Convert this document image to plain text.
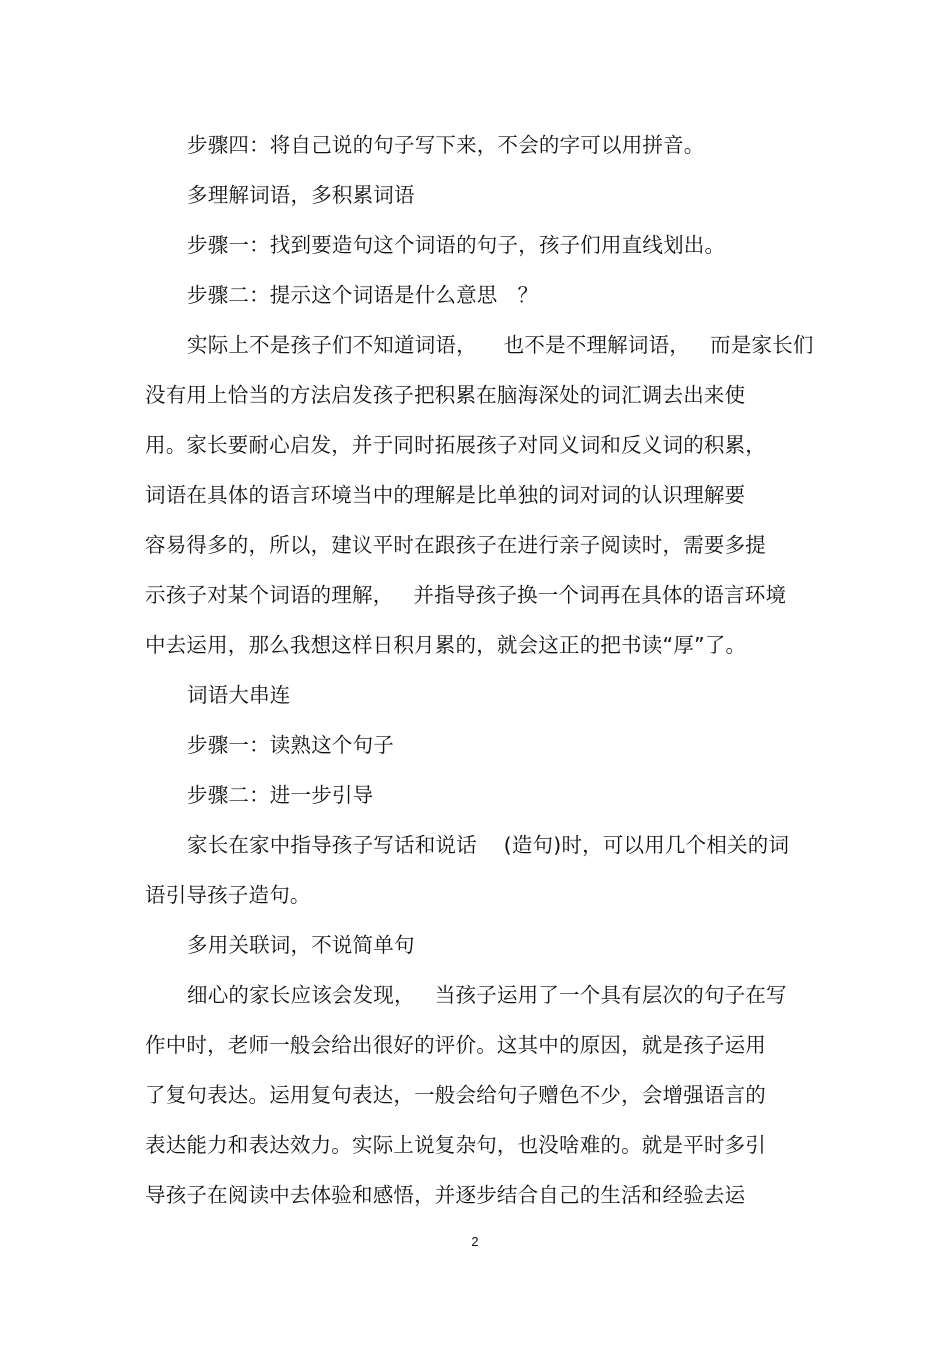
步骤四：将自己说的句子写下来，不会的字可以用拼音。
多理解词语，多积累词语
步骤一：找到要造句这个词语的句子，孩子们用直线划出。
步骤二：提示这个词语是什么意思   ？
实际上不是孩子们不知道词语，    也不是不理解词语，   而是家长们
没有用上恰当的方法启发孩子把积累在脑海深处的词汇调去出来使
用。家长要耐心启发，并于同时拓展孩子对同义词和反义词的积累，
词语在具体的语言环境当中的理解是比单独的词对词的认识理解要
容易得多的，所以，建议平时在跟孩子在进行亲子阅读时，需要多提
示孩子对某个词语的理解，   并指导孩子换一个词再在具体的语言环境
中去运用，那么我想这样日积月累的，就会这正的把书读“厚”了。
词语大串连
步骤一：读熟这个句子
步骤二：进一步引导
家长在家中指导孩子写话和说话    (造句)时，可以用几个相关的词
语引导孩子造句。
多用关联词，不说简单句
细心的家长应该会发现，   当孩子运用了一个具有层次的句子在写
作中时，老师一般会给出很好的评价。这其中的原因，就是孩子运用
了复句表达。运用复句表达，一般会给句子赠色不少，会增强语言的
表达能力和表达效力。实际上说复杂句，也没啥难的。就是平时多引
导孩子在阅读中去体验和感悟，并逐步结合自己的生活和经验去运
2
